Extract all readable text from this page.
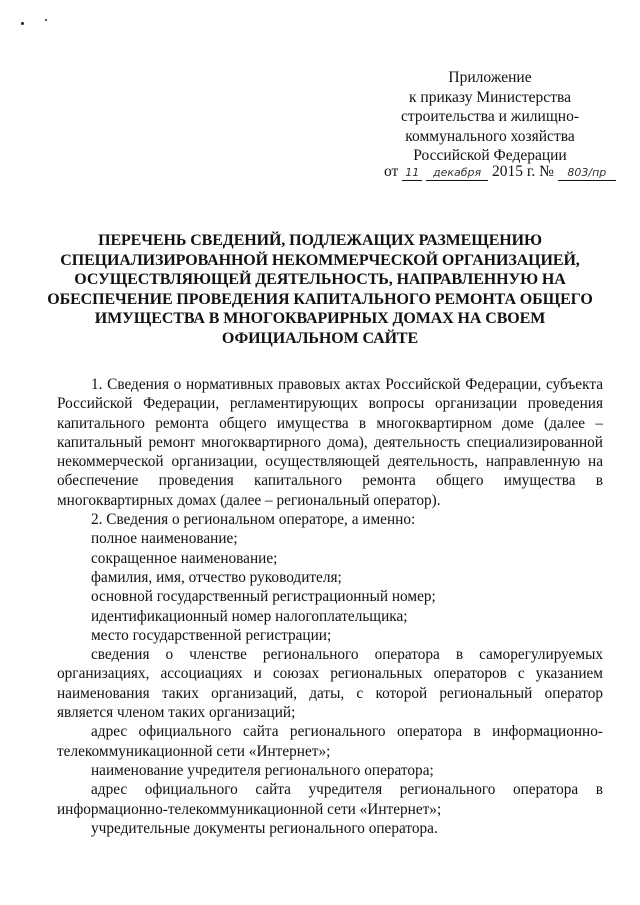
Приложение
к приказу Министерства
строительства и жилищно-
коммунального хозяйства
Российской Федерации
от 11 декабря 2015 г. № 803/пр
ПЕРЕЧЕНЬ СВЕДЕНИЙ, ПОДЛЕЖАЩИХ РАЗМЕЩЕНИЮ
СПЕЦИАЛИЗИРОВАННОЙ НЕКОММЕРЧЕСКОЙ ОРГАНИЗАЦИЕЙ,
ОСУЩЕСТВЛЯЮЩЕЙ ДЕЯТЕЛЬНОСТЬ, НАПРАВЛЕННУЮ НА
ОБЕСПЕЧЕНИЕ ПРОВЕДЕНИЯ КАПИТАЛЬНОГО РЕМОНТА ОБЩЕГО
ИМУЩЕСТВА В МНОГОКВАРИРНЫХ ДОМАХ НА СВОЕМ
ОФИЦИАЛЬНОМ САЙТЕ

1. Сведения о нормативных правовых актах Российской Федерации, субъекта Российской Федерации, регламентирующих вопросы организации проведения капитального ремонта общего имущества в многоквартирном доме (далее – капитальный ремонт многоквартирного дома), деятельность специализированной некоммерческой организации, осуществляющей деятельность, направленную на обеспечение проведения капитального ремонта общего имущества в многоквартирных домах (далее – региональный оператор).

2. Сведения о региональном операторе, а именно:

полное наименование;

сокращенное наименование;

фамилия, имя, отчество руководителя;

основной государственный регистрационный номер;

идентификационный номер налогоплательщика;

место государственной регистрации;

сведения о членстве регионального оператора в саморегулируемых организациях, ассоциациях и союзах региональных операторов с указанием наименования таких организаций, даты, с которой региональный оператор является членом таких организаций;

адрес официального сайта регионального оператора в информационно-телекоммуникационной сети «Интернет»;

наименование учредителя регионального оператора;

адрес официального сайта учредителя регионального оператора в информационно-телекоммуникационной сети «Интернет»;

учредительные документы регионального оператора.
